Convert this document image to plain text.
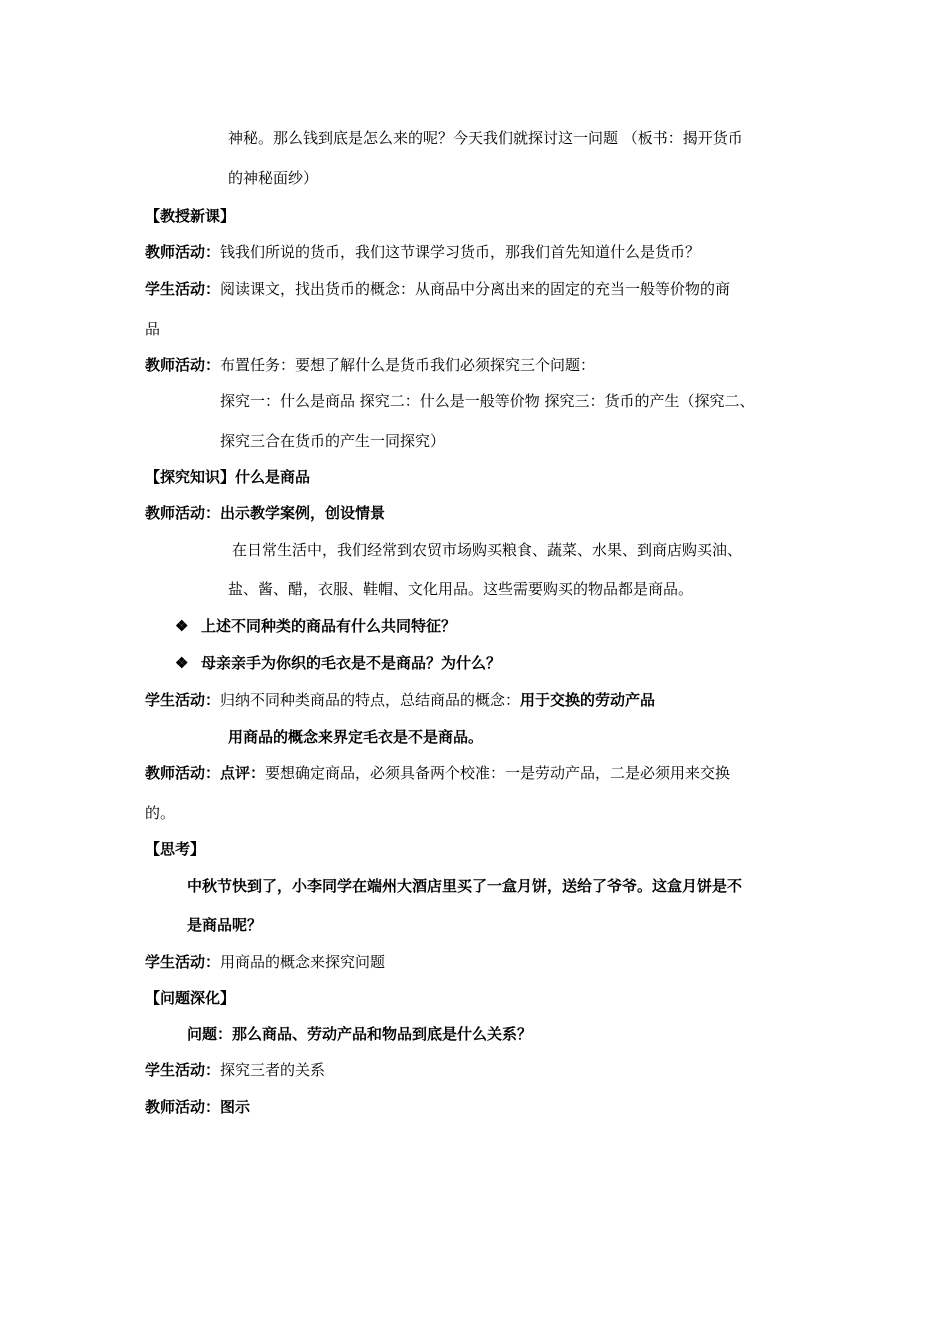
神秘。那么钱到底是怎么来的呢？今天我们就探讨这一问题 （板书：揭开货币
的神秘面纱）
【教授新课】
教师活动：钱我们所说的货币，我们这节课学习货币，那我们首先知道什么是货币？
学生活动：阅读课文，找出货币的概念：从商品中分离出来的固定的充当一般等价物的商
品
教师活动：布置任务：要想了解什么是货币我们必须探究三个问题：
探究一：什么是商品 探究二：什么是一般等价物 探究三：货币的产生（探究二、
探究三合在货币的产生一同探究）
【探究知识】什么是商品
教师活动：出示教学案例，创设情景
在日常生活中，我们经常到农贸市场购买粮食、蔬菜、水果、到商店购买油、
盐、酱、醋，衣服、鞋帽、文化用品。这些需要购买的物品都是商品。
❖ 上述不同种类的商品有什么共同特征？
❖ 母亲亲手为你织的毛衣是不是商品？为什么？
学生活动：归纳不同种类商品的特点，总结商品的概念：用于交换的劳动产品
用商品的概念来界定毛衣是不是商品。
教师活动：点评：要想确定商品，必须具备两个校准：一是劳动产品，二是必须用来交换
的。
【思考】
中秋节快到了，小李同学在端州大酒店里买了一盒月饼，送给了爷爷。这盒月饼是不
是商品呢？
学生活动：用商品的概念来探究问题
【问题深化】
问题：那么商品、劳动产品和物品到底是什么关系？
学生活动：探究三者的关系
教师活动：图示
